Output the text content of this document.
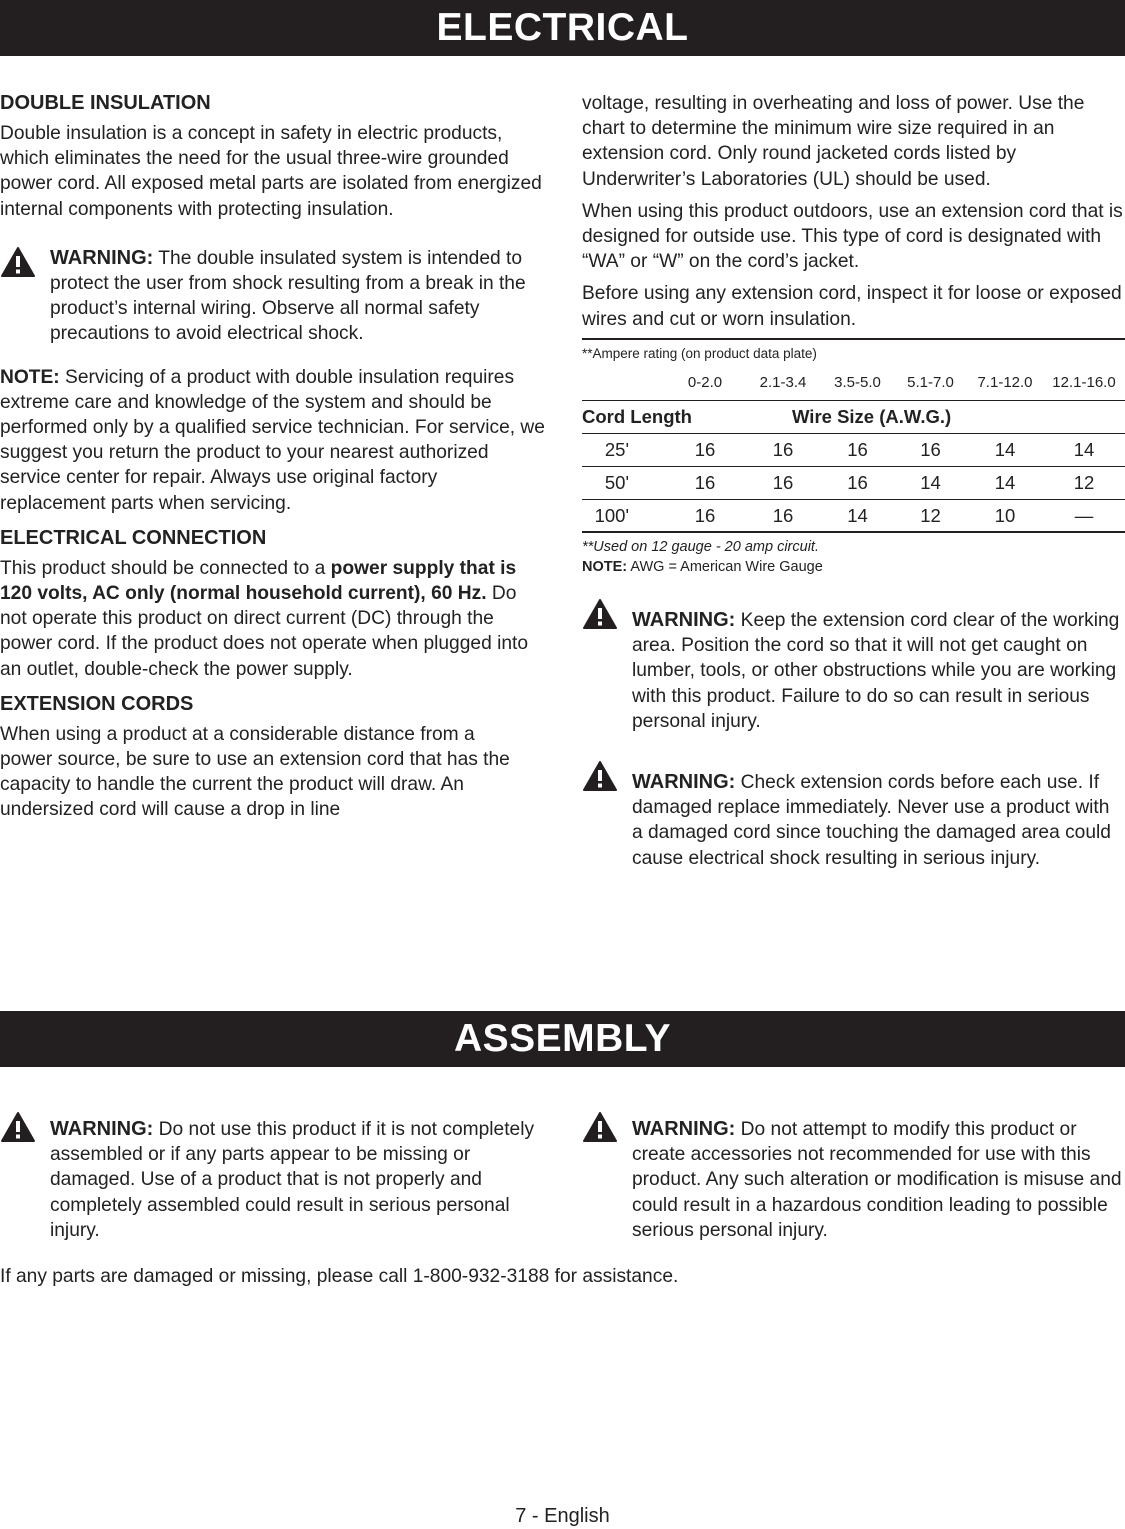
ELECTRICAL
DOUBLE INSULATION

Double insulation is a concept in safety in electric products, which eliminates the need for the usual three-wire grounded power cord. All exposed metal parts are isolated from energized internal components with protecting insulation.

WARNING: The double insulated system is intended to protect the user from shock resulting from a break in the product’s internal wiring. Observe all normal safety precautions to avoid electrical shock.

NOTE: Servicing of a product with double insulation requires extreme care and knowledge of the system and should be performed only by a qualified service technician. For service, we suggest you return the product to your nearest authorized service center for repair. Always use original factory replacement parts when servicing.

ELECTRICAL CONNECTION

This product should be connected to a power supply that is 120 volts, AC only (normal household current), 60 Hz. Do not operate this product on direct current (DC) through the power cord. If the product does not operate when plugged into an outlet, double-check the power supply.

EXTENSION CORDS

When using a product at a considerable distance from a power source, be sure to use an extension cord that has the capacity to handle the current the product will draw. An undersized cord will cause a drop in line

voltage, resulting in overheating and loss of power. Use the chart to determine the minimum wire size required in an extension cord. Only round jacketed cords listed by Underwriter’s Laboratories (UL) should be used.

When using this product outdoors, use an extension cord that is designed for outside use. This type of cord is designated with “WA” or “W” on the cord’s jacket.

Before using any extension cord, inspect it for loose or exposed wires and cut or worn insulation.

**Ampere rating (on product data plate)
0-2.0	2.1-3.4	3.5-5.0	5.1-7.0	7.1-12.0	12.1-16.0
Cord Length	Wire Size (A.W.G.)
25'	16	16	16	16	14	14
50'	16	16	16	14	14	12
100'	16	16	14	12	10	—
**Used on 12 gauge - 20 amp circuit.
NOTE: AWG = American Wire Gauge
WARNING: Keep the extension cord clear of the working area. Position the cord so that it will not get caught on lumber, tools, or other obstructions while you are working with this product. Failure to do so can result in serious personal injury.
WARNING: Check extension cords before each use. If damaged replace immediately. Never use a product with a damaged cord since touching the damaged area could cause electrical shock resulting in serious injury.
ASSEMBLY
WARNING: Do not use this product if it is not completely assembled or if any parts appear to be missing or damaged. Use of a product that is not properly and completely assembled could result in serious personal injury.
WARNING: Do not attempt to modify this product or create accessories not recommended for use with this product. Any such alteration or modification is misuse and could result in a hazardous condition leading to possible serious personal injury.

If any parts are damaged or missing, please call 1-800-932-3188 for assistance.

7 - English
